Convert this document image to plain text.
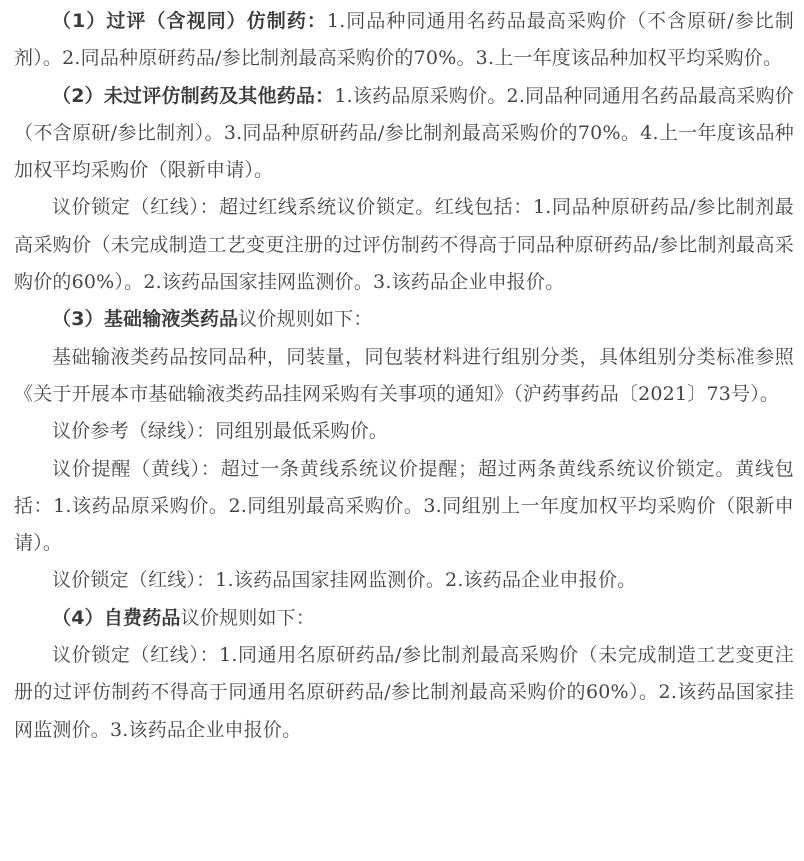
（1）过评（含视同）仿制药：1.同品种同通用名药品最高采购价（不含原研/参比制剂）。2.同品种原研药品/参比制剂最高采购价的70%。3.上一年度该品种加权平均采购价。

（2）未过评仿制药及其他药品：1.该药品原采购价。2.同品种同通用名药品最高采购价（不含原研/参比制剂）。3.同品种原研药品/参比制剂最高采购价的70%。4.上一年度该品种加权平均采购价（限新申请）。

议价锁定（红线）：超过红线系统议价锁定。红线包括：1.同品种原研药品/参比制剂最高采购价（未完成制造工艺变更注册的过评仿制药不得高于同品种原研药品/参比制剂最高采购价的60%）。2.该药品国家挂网监测价。3.该药品企业申报价。

（3）基础输液类药品议价规则如下：

基础输液类药品按同品种，同装量，同包装材料进行组别分类，具体组别分类标准参照《关于开展本市基础输液类药品挂网采购有关事项的通知》（沪药事药品〔2021〕73号）。

议价参考（绿线）：同组别最低采购价。

议价提醒（黄线）：超过一条黄线系统议价提醒；超过两条黄线系统议价锁定。黄线包括：1.该药品原采购价。2.同组别最高采购价。3.同组别上一年度加权平均采购价（限新申请）。

议价锁定（红线）：1.该药品国家挂网监测价。2.该药品企业申报价。

（4）自费药品议价规则如下：

议价锁定（红线）：1.同通用名原研药品/参比制剂最高采购价（未完成制造工艺变更注册的过评仿制药不得高于同通用名原研药品/参比制剂最高采购价的60%）。2.该药品国家挂网监测价。3.该药品企业申报价。
